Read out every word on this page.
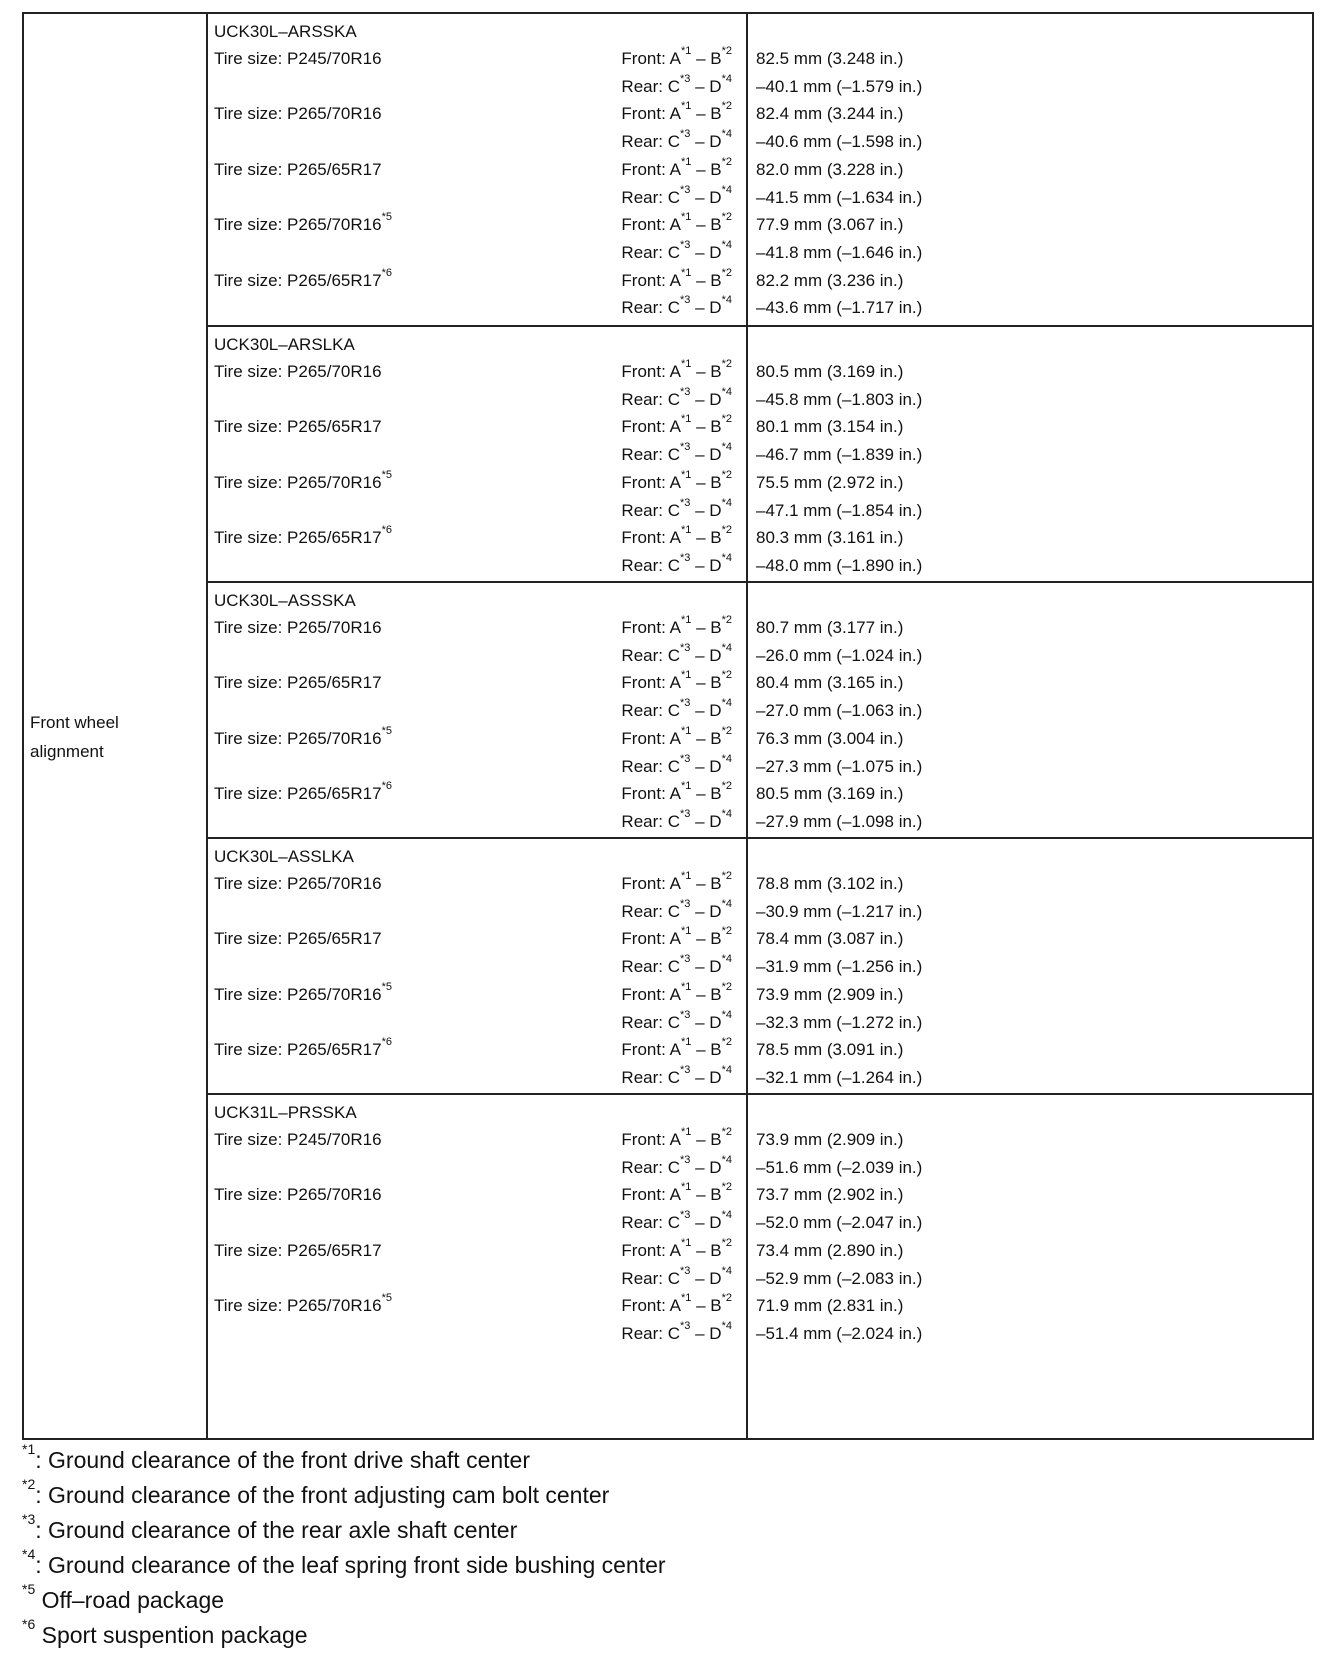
Front wheel
alignment
UCK30L–ARSSKA
Tire size: P245/70R16	Front: $A^{*1} - B^{*2}$ 82.5 mm (3.248 in.)
Rear: $C^{*3} - D^{*4}$ –40.1 mm (–1.579 in.)
Tire size: P265/70R16	Front: $A^{*1} - B^{*2}$ 82.4 mm (3.244 in.)
Rear: $C^{*3} - D^{*4}$ –40.6 mm (–1.598 in.)
Tire size: P265/65R17	Front: $A^{*1} - B^{*2}$ 82.0 mm (3.228 in.)
Rear: $C^{*3} - D^{*4}$ –41.5 mm (–1.634 in.)
Tire size: P265/70R16$^{*5}$	Front: $A^{*1} - B^{*2}$ 77.9 mm (3.067 in.)
Rear: $C^{*3} - D^{*4}$ –41.8 mm (–1.646 in.)
Tire size: P265/65R17$^{*6}$	Front: $A^{*1} - B^{*2}$ 82.2 mm (3.236 in.)
Rear: $C^{*3} - D^{*4}$ –43.6 mm (–1.717 in.)
UCK30L–ARSLKA
Tire size: P265/70R16	Front: $A^{*1} - B^{*2}$ 80.5 mm (3.169 in.)
Rear: $C^{*3} - D^{*4}$ –45.8 mm (–1.803 in.)
Tire size: P265/65R17	Front: $A^{*1} - B^{*2}$ 80.1 mm (3.154 in.)
Rear: $C^{*3} - D^{*4}$ –46.7 mm (–1.839 in.)
Tire size: P265/70R16$^{*5}$	Front: $A^{*1} - B^{*2}$ 75.5 mm (2.972 in.)
Rear: $C^{*3} - D^{*4}$ –47.1 mm (–1.854 in.)
Tire size: P265/65R17$^{*6}$	Front: $A^{*1} - B^{*2}$ 80.3 mm (3.161 in.)
Rear: $C^{*3} - D^{*4}$ –48.0 mm (–1.890 in.)
UCK30L–ASSSKA
Tire size: P265/70R16	Front: $A^{*1} - B^{*2}$ 80.7 mm (3.177 in.)
Rear: $C^{*3} - D^{*4}$ –26.0 mm (–1.024 in.)
Tire size: P265/65R17	Front: $A^{*1} - B^{*2}$ 80.4 mm (3.165 in.)
Rear: $C^{*3} - D^{*4}$ –27.0 mm (–1.063 in.)
Tire size: P265/70R16$^{*5}$	Front: $A^{*1} - B^{*2}$ 76.3 mm (3.004 in.)
Rear: $C^{*3} - D^{*4}$ –27.3 mm (–1.075 in.)
Tire size: P265/65R17$^{*6}$	Front: $A^{*1} - B^{*2}$ 80.5 mm (3.169 in.)
Rear: $C^{*3} - D^{*4}$ –27.9 mm (–1.098 in.)
UCK30L–ASSLKA
Tire size: P265/70R16	Front: $A^{*1} - B^{*2}$ 78.8 mm (3.102 in.)
Rear: $C^{*3} - D^{*4}$ –30.9 mm (–1.217 in.)
Tire size: P265/65R17	Front: $A^{*1} - B^{*2}$ 78.4 mm (3.087 in.)
Rear: $C^{*3} - D^{*4}$ –31.9 mm (–1.256 in.)
Tire size: P265/70R16$^{*5}$	Front: $A^{*1} - B^{*2}$ 73.9 mm (2.909 in.)
Rear: $C^{*3} - D^{*4}$ –32.3 mm (–1.272 in.)
Tire size: P265/65R17$^{*6}$	Front: $A^{*1} - B^{*2}$ 78.5 mm (3.091 in.)
Rear: $C^{*3} - D^{*4}$ –32.1 mm (–1.264 in.)
UCK31L–PRSSKA
Tire size: P245/70R16	Front: $A^{*1} - B^{*2}$ 73.9 mm (2.909 in.)
Rear: $C^{*3} - D^{*4}$ –51.6 mm (–2.039 in.)
Tire size: P265/70R16	Front: $A^{*1} - B^{*2}$ 73.7 mm (2.902 in.)
Rear: $C^{*3} - D^{*4}$ –52.0 mm (–2.047 in.)
Tire size: P265/65R17	Front: $A^{*1} - B^{*2}$ 73.4 mm (2.890 in.)
Rear: $C^{*3} - D^{*4}$ –52.9 mm (–2.083 in.)
Tire size: P265/70R16$^{*5}$	Front: $A^{*1} - B^{*2}$ 71.9 mm (2.831 in.)
Rear: $C^{*3} - D^{*4}$ –51.4 mm (–2.024 in.)
$^{*1}$: Ground clearance of the front drive shaft center
$^{*2}$: Ground clearance of the front adjusting cam bolt center
$^{*3}$: Ground clearance of the rear axle shaft center
$^{*4}$: Ground clearance of the leaf spring front side bushing center
$^{*5}$ Off–road package
$^{*6}$ Sport suspention package
